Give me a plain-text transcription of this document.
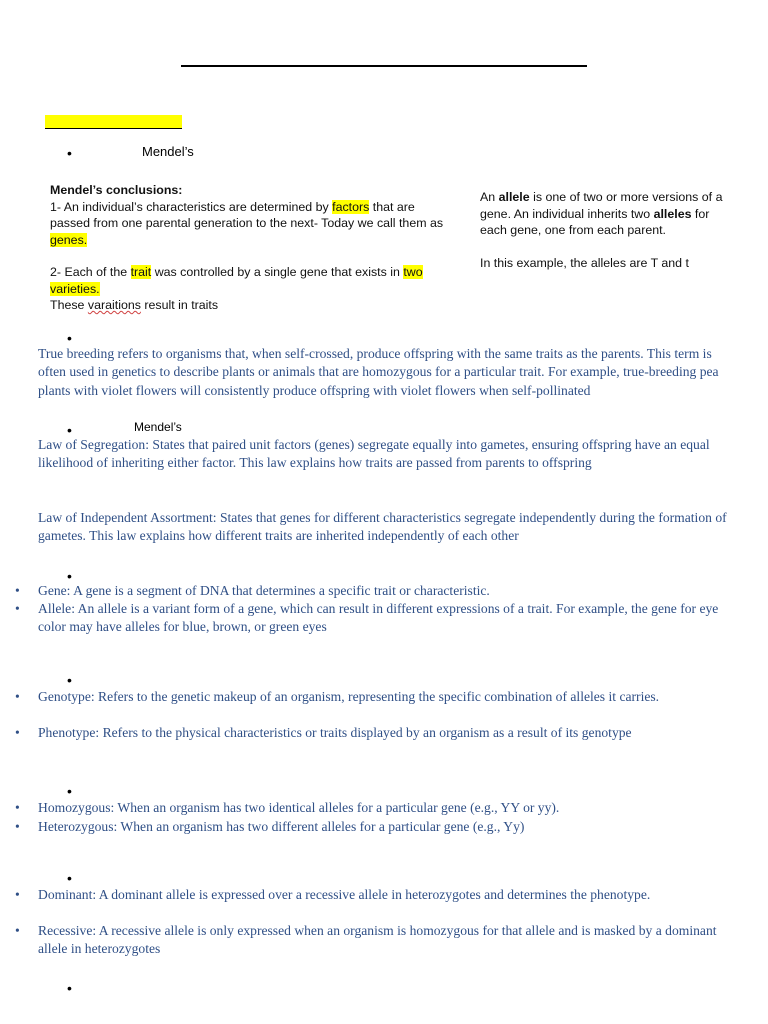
•	Mendel’s

Mendel’s conclusions:

1- An individual’s characteristics are determined by factors that are passed from one parental generation to the next- Today we call them as genes.

2- Each of the trait was controlled by a single gene that exists in two varieties.

These varaitions result in traits

An allele is one of two or more versions of a gene. An individual inherits two alleles for each gene, one from each parent.

In this example, the alleles are T and t

•

True breeding refers to organisms that, when self-crossed, produce offspring with the same traits as the parents. This term is often used in genetics to describe plants or animals that are homozygous for a particular trait. For example, true-breeding pea plants with violet flowers will consistently produce offspring with violet flowers when self-pollinated

•	Mendel’s

Law of Segregation: States that paired unit factors (genes) segregate equally into gametes, ensuring offspring have an equal likelihood of inheriting either factor. This law explains how traits are passed from parents to offspring

Law of Independent Assortment: States that genes for different characteristics segregate independently during the formation of gametes. This law explains how different traits are inherited independently of each other

•
• Gene: A gene is a segment of DNA that determines a specific trait or characteristic.
• Allele: An allele is a variant form of a gene, which can result in different expressions of a trait. For example, the gene for eye color may have alleles for blue, brown, or green eyes
•
• Genotype: Refers to the genetic makeup of an organism, representing the specific combination of alleles it carries.
• Phenotype: Refers to the physical characteristics or traits displayed by an organism as a result of its genotype
•
• Homozygous: When an organism has two identical alleles for a particular gene (e.g., YY or yy).
• Heterozygous: When an organism has two different alleles for a particular gene (e.g., Yy)
•
• Dominant: A dominant allele is expressed over a recessive allele in heterozygotes and determines the phenotype.
• Recessive: A recessive allele is only expressed when an organism is homozygous for that allele and is masked by a dominant allele in heterozygotes
•
